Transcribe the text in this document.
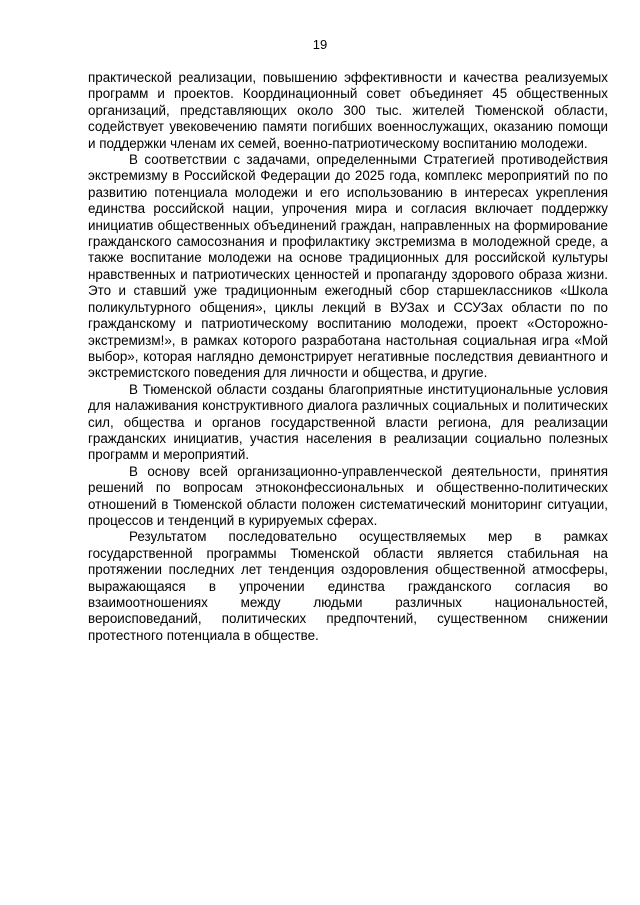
19

практической реализации, повышению эффективности и качества реализуемых программ и проектов. Координационный совет объединяет 45 общественных организаций, представляющих около 300 тыс. жителей Тюменской области, содействует увековечению памяти погибших военнослужащих, оказанию помощи и поддержки членам их семей, военно-патриотическому воспитанию молодежи.

В соответствии с задачами, определенными Стратегией противодействия экстремизму в Российской Федерации до 2025 года, комплекс мероприятий по по развитию потенциала молодежи и его использованию в интересах укрепления единства российской нации, упрочения мира и согласия включает поддержку инициатив общественных объединений граждан, направленных на формирование гражданского самосознания и профилактику экстремизма в молодежной среде, а также воспитание молодежи на основе традиционных для российской культуры нравственных и патриотических ценностей и пропаганду здорового образа жизни. Это и ставший уже традиционным ежегодный сбор старшеклассников «Школа поликультурного общения», циклы лекций в ВУЗах и ССУЗах области по по гражданскому и патриотическому воспитанию молодежи, проект «Осторожно-экстремизм!», в рамках которого разработана настольная социальная игра «Мой выбор», которая наглядно демонстрирует негативные последствия девиантного и экстремистского поведения для личности и общества, и другие.

В Тюменской области созданы благоприятные институциональные условия для налаживания конструктивного диалога различных социальных и политических сил, общества и органов государственной власти региона, для реализации гражданских инициатив, участия населения в реализации социально полезных программ и мероприятий.

В основу всей организационно-управленческой деятельности, принятия решений по вопросам этноконфессиональных и общественно-политических отношений в Тюменской области положен систематический мониторинг ситуации, процессов и тенденций в курируемых сферах.

Результатом последовательно осуществляемых мер в рамках государственной программы Тюменской области является стабильная на протяжении последних лет тенденция оздоровления общественной атмосферы, выражающаяся в упрочении единства гражданского согласия во взаимоотношениях между людьми различных национальностей, вероисповеданий, политических предпочтений, существенном снижении протестного потенциала в обществе.
